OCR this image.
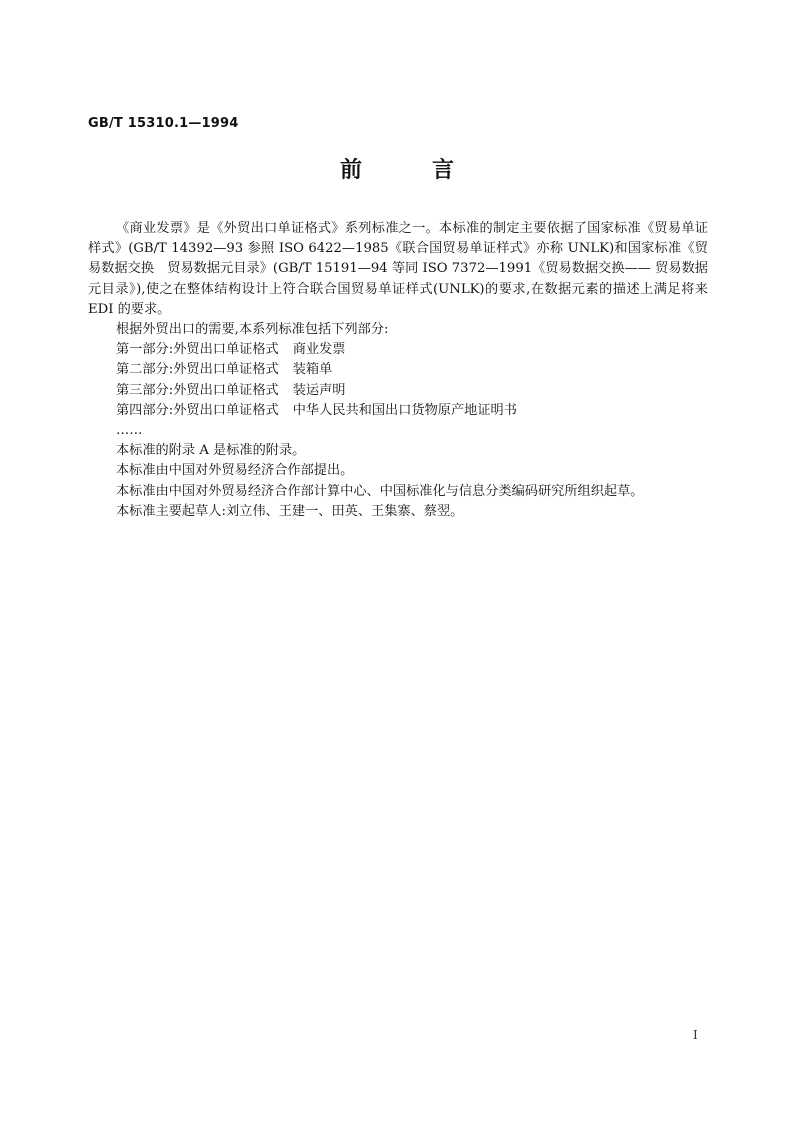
GB/T 15310.1—1994
前	言

《商业发票》是《外贸出口单证格式》系列标准之一。本标准的制定主要依据了国家标准《贸易单证样式》(GB/T 14392—93 参照 ISO 6422—1985《联合国贸易单证样式》亦称 UNLK)和国家标准《贸易数据交换　贸易数据元目录》(GB/T 15191—94 等同 ISO 7372—1991《贸易数据交换—— 贸易数据元目录》),使之在整体结构设计上符合联合国贸易单证样式(UNLK)的要求,在数据元素的描述上满足将来 EDI 的要求。

根据外贸出口的需要,本系列标准包括下列部分:

第一部分:外贸出口单证格式 商业发票

第二部分:外贸出口单证格式 装箱单

第三部分:外贸出口单证格式 装运声明

第四部分:外贸出口单证格式 中华人民共和国出口货物原产地证明书

……

本标准的附录 A 是标准的附录。

本标准由中国对外贸易经济合作部提出。

本标准由中国对外贸易经济合作部计算中心、中国标准化与信息分类编码研究所组织起草。

本标准主要起草人:刘立伟、王建一、田英、王集寨、蔡翌。

I
